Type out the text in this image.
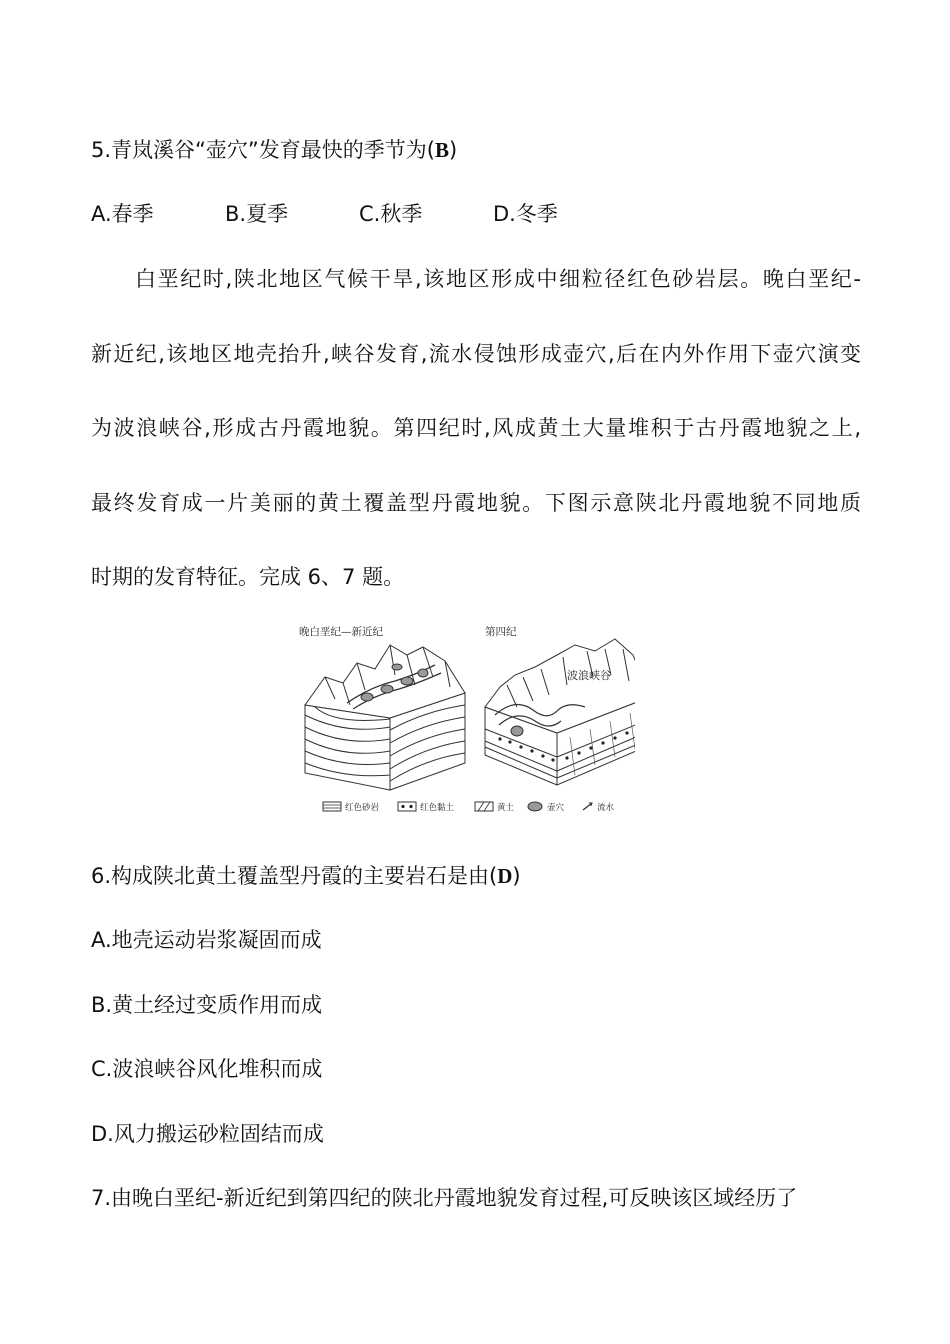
5.青岚溪谷“壶穴”发育最快的季节为(B)
A.春季	B.夏季	C.秋季	D.冬季
白垩纪时,陕北地区气候干旱,该地区形成中细粒径红色砂岩层。晚白垩纪-
新近纪,该地区地壳抬升,峡谷发育,流水侵蚀形成壶穴,后在内外作用下壶穴演变
为波浪峡谷,形成古丹霞地貌。第四纪时,风成黄土大量堆积于古丹霞地貌之上,
最终发育成一片美丽的黄土覆盖型丹霞地貌。下图示意陕北丹霞地貌不同地质
时期的发育特征。完成 6、7 题。
晚白垩纪—新近纪	第四纪
波浪峡谷
红色砂岩	红色黏土	黄土	壶穴	流水
6.构成陕北黄土覆盖型丹霞的主要岩石是由(D)
A.地壳运动岩浆凝固而成
B.黄土经过变质作用而成
C.波浪峡谷风化堆积而成
D.风力搬运砂粒固结而成
7.由晚白垩纪-新近纪到第四纪的陕北丹霞地貌发育过程,可反映该区域经历了
